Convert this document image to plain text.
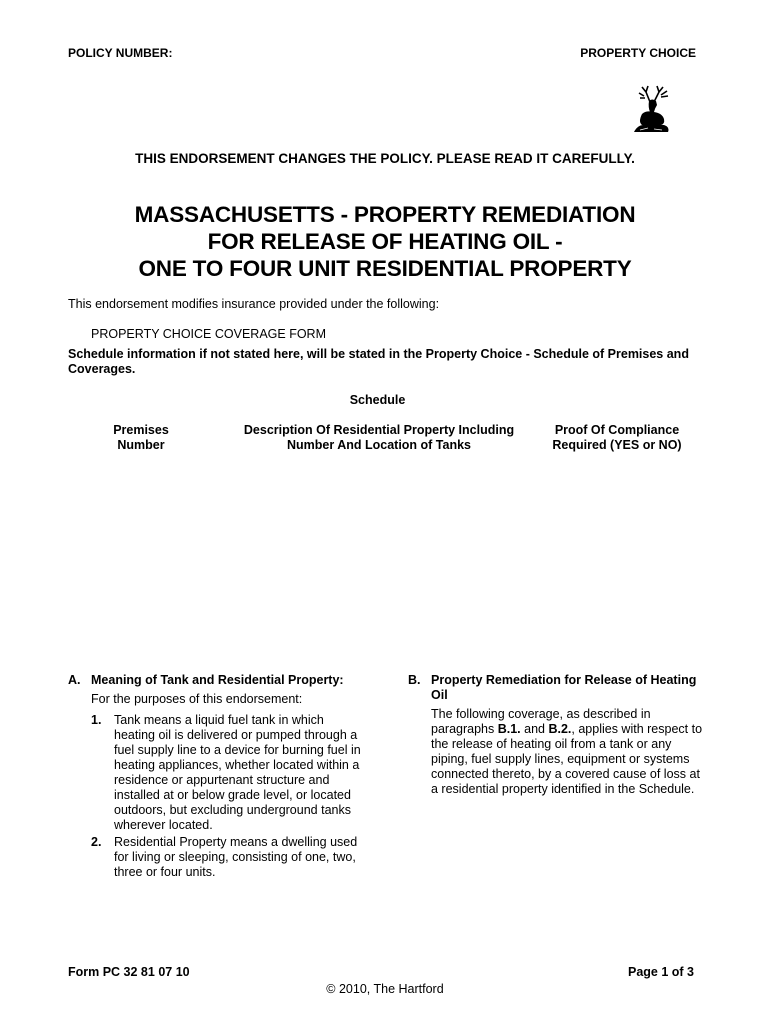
POLICY NUMBER:	PROPERTY CHOICE
THIS ENDORSEMENT CHANGES THE POLICY. PLEASE READ IT CAREFULLY.
MASSACHUSETTS - PROPERTY REMEDIATION
FOR RELEASE OF HEATING OIL -
ONE TO FOUR UNIT RESIDENTIAL PROPERTY
This endorsement modifies insurance provided under the following:
PROPERTY CHOICE COVERAGE FORM
Schedule information if not stated here, will be stated in the Property Choice - Schedule of Premises and
Coverages.
Schedule
Premises
Number
Description Of Residential Property Including
Number And Location of Tanks
Proof Of Compliance
Required (YES or NO)
A. Meaning of Tank and Residential Property:
For the purposes of this endorsement:
1. Tank means a liquid fuel tank in which
heating oil is delivered or pumped through a
fuel supply line to a device for burning fuel in
heating appliances, whether located within a
residence or appurtenant structure and
installed at or below grade level, or located
outdoors, but excluding underground tanks
wherever located.
2. Residential Property means a dwelling used
for living or sleeping, consisting of one, two,
three or four units.
B. Property Remediation for Release of Heating
Oil
The following coverage, as described in
paragraphs B.1. and B.2., applies with respect to
the release of heating oil from a tank or any
piping, fuel supply lines, equipment or systems
connected thereto, by a covered cause of loss at
a residential property identified in the Schedule.
Form PC 32 81 07 10	Page 1 of 3
© 2010, The Hartford
